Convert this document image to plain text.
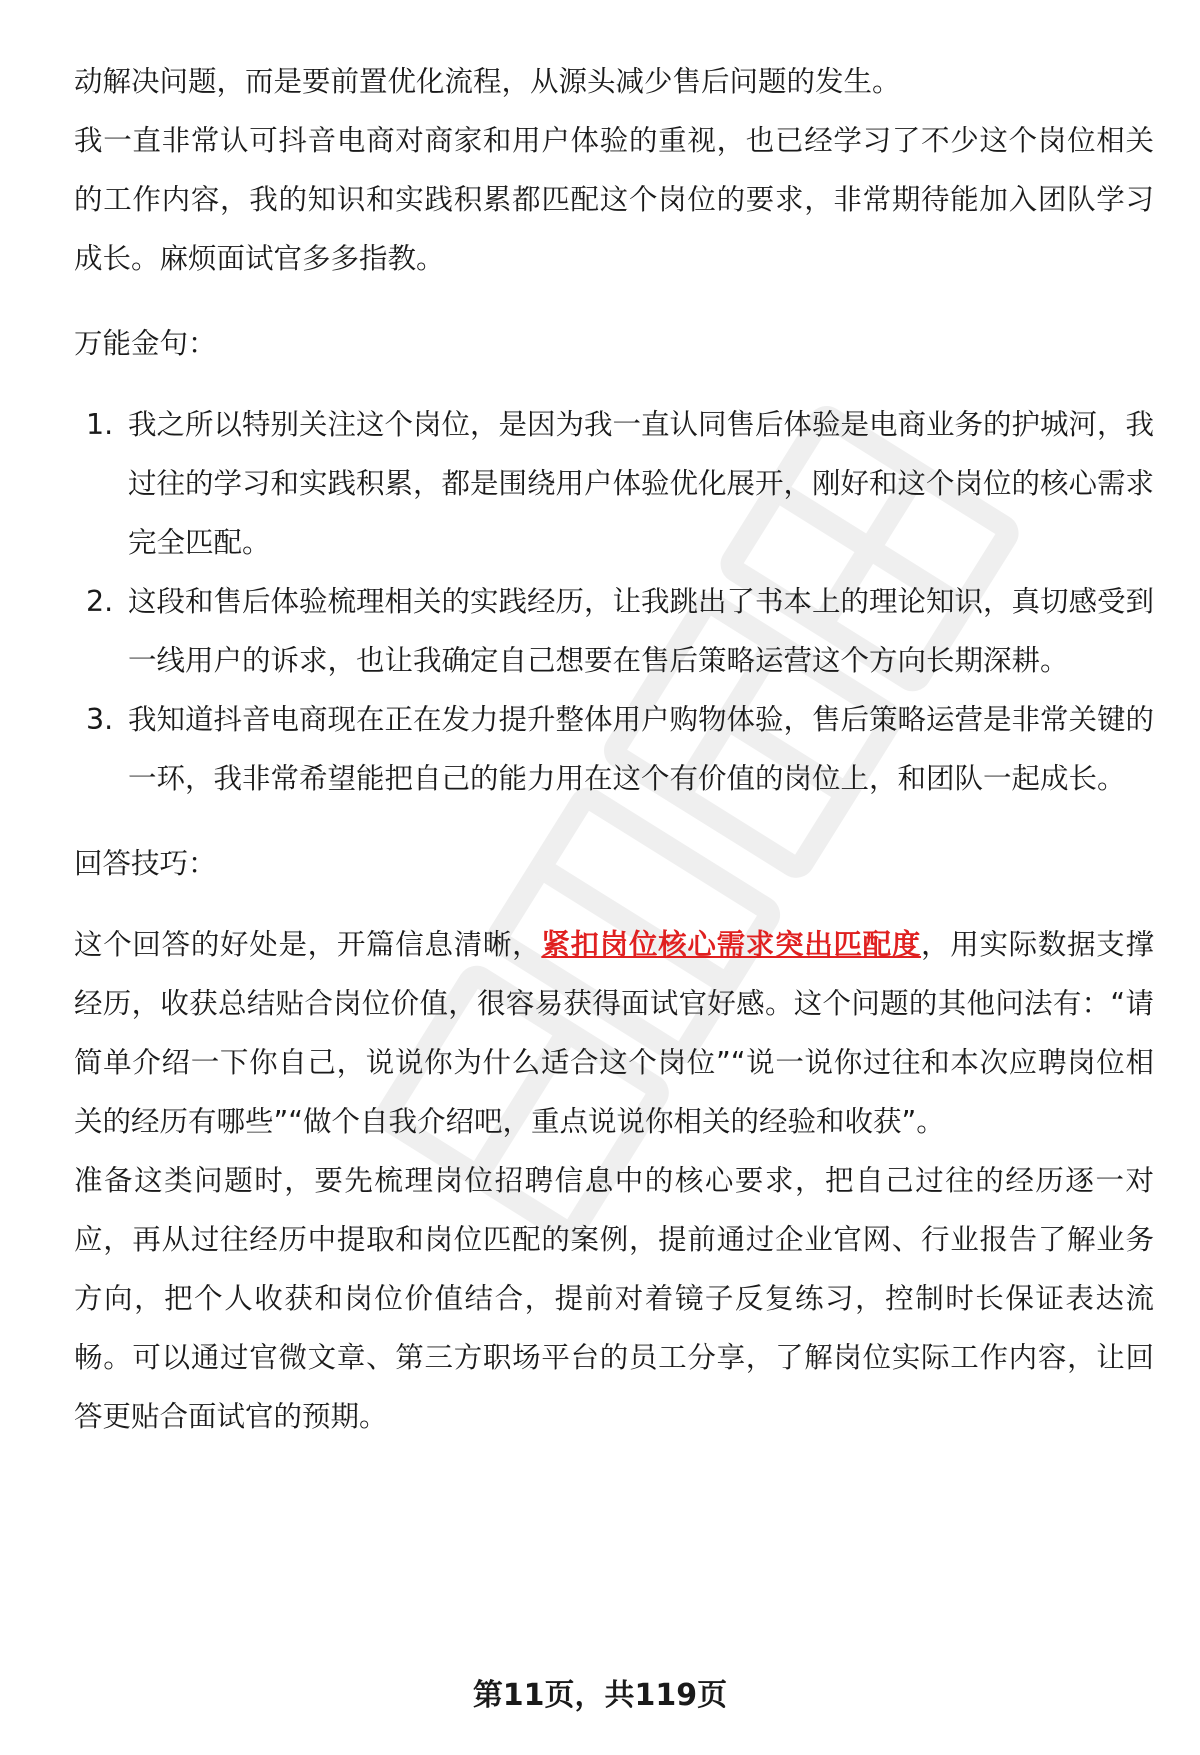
动解决问题，而是要前置优化流程，从源头减少售后问题的发生。

我一直非常认可抖音电商对商家和用户体验的重视，也已经学习了不少这个岗位相关的工作内容，我的知识和实践积累都匹配这个岗位的要求，非常期待能加入团队学习成长。麻烦面试官多多指教。

万能金句：

1. 我之所以特别关注这个岗位，是因为我一直认同售后体验是电商业务的护城河，我过往的学习和实践积累，都是围绕用户体验优化展开，刚好和这个岗位的核心需求完全匹配。
2. 这段和售后体验梳理相关的实践经历，让我跳出了书本上的理论知识，真切感受到一线用户的诉求，也让我确定自己想要在售后策略运营这个方向长期深耕。
3. 我知道抖音电商现在正在发力提升整体用户购物体验，售后策略运营是非常关键的一环，我非常希望能把自己的能力用在这个有价值的岗位上，和团队一起成长。

回答技巧：

这个回答的好处是，开篇信息清晰，紧扣岗位核心需求突出匹配度，用实际数据支撑经历，收获总结贴合岗位价值，很容易获得面试官好感。这个问题的其他问法有：“请简单介绍一下你自己，说说你为什么适合这个岗位”“说一说你过往和本次应聘岗位相关的经历有哪些”“做个自我介绍吧，重点说说你相关的经验和收获”。

准备这类问题时，要先梳理岗位招聘信息中的核心要求，把自己过往的经历逐一对应，再从过往经历中提取和岗位匹配的案例，提前通过企业官网、行业报告了解业务方向，把个人收获和岗位价值结合，提前对着镜子反复练习，控制时长保证表达流畅。可以通过官微文章、第三方职场平台的员工分享，了解岗位实际工作内容，让回答更贴合面试官的预期。

第11页，共119页
